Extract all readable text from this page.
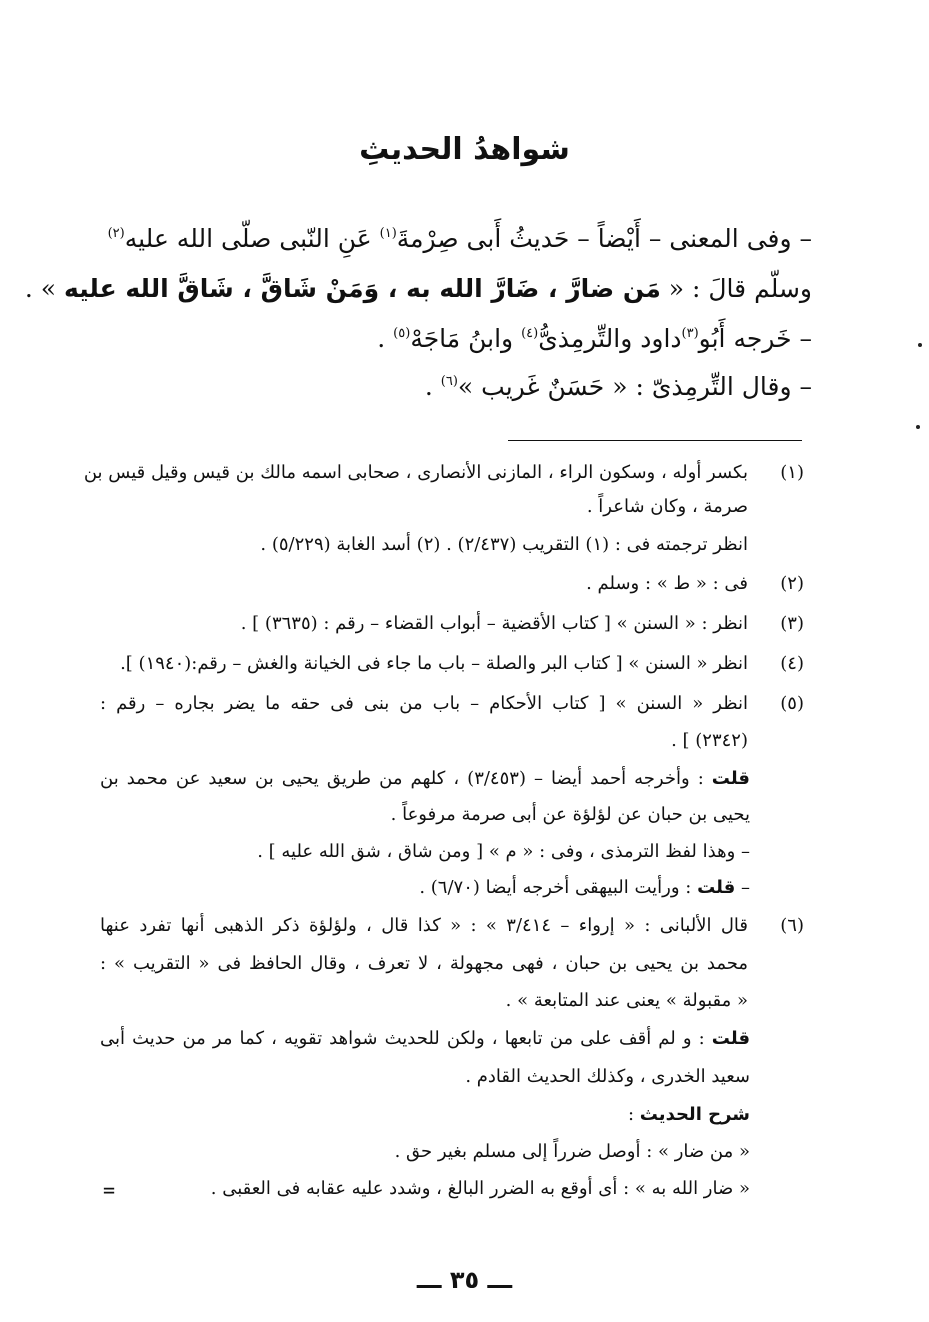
شواهدُ الحديثِ
– وفى المعنى – أَيْضاً – حَديثُ أَبى صِرْمةَ$^{(١)}$ عَنِ النّبى صلّى الله عليه$^{(٢)}$
وسلّم قالَ : « مَن ضارَّ ، ضَارَّ الله به ، وَمَنْ شَاقَّ ، شَاقَّ الله عليه » .
– خَرجه أَبُو$^{(٣)}$داود والتِّرمِذىُّ$^{(٤)}$ وابنُ مَاجَهْ$^{(٥)}$ .
– وقال التِّرمِذىّ : « حَسَنٌ غَريب »$^{(٦)}$ .
(١)
بكسر أوله ، وسكون الراء ، المازنى الأنصارى ، صحابى اسمه مالك بن قيس وقيل قيس بن
صرمة ، وكان شاعراً .
انظر ترجمته فى : (١) التقريب (٢/٤٣٧) . (٢) أسد الغابة (٥/٢٢٩) .
(٢)
فى : « ط » : وسلم .
(٣)
انظر : « السنن » [ كتاب الأقضية – أبواب القضاء – رقم : (٣٦٣٥) ] .
(٤)
انظر « السنن » [ كتاب البر والصلة – باب ما جاء فى الخيانة والغش – رقم:(١٩٤٠) ].
(٥)
انظر « السنن » [ كتاب الأحكام – باب من بنى فى حقه ما يضر بجاره – رقم :
(٢٣٤٢) ] .
قلت : وأخرجه أحمد أيضا – (٣/٤٥٣) ، كلهم من طريق يحيى بن سعيد عن محمد بن
يحيى بن حبان عن لؤلؤة عن أبى صرمة مرفوعاً .
– وهذا لفظ الترمذى ، وفى : « م » [ ومن شاق ، شق الله عليه ] .
– قلت : ورأيت البيهقى أخرجه أيضا (٦/٧٠) .
(٦)
قال الألبانى : « إرواء – ٣/٤١٤ » : « كذا قال ، ولؤلؤة ذكر الذهبى أنها تفرد عنها
محمد بن يحيى بن حبان ، فهى مجهولة ، لا تعرف ، وقال الحافظ فى « التقريب » :
« مقبولة » يعنى عند المتابعة » .
قلت : و لم أقف على من تابعها ، ولكن للحديث شواهد تقويه ، كما مر من حديث أبى
سعيد الخدرى ، وكذلك الحديث القادم .
شرح الحديث :
« من ضار » : أوصل ضرراً إلى مسلم بغير حق .
« ضار الله به » : أى أوقع به الضرر البالغ ، وشدد عليه عقابه فى العقبى .
=
ـــ ٣٥ ـــ
